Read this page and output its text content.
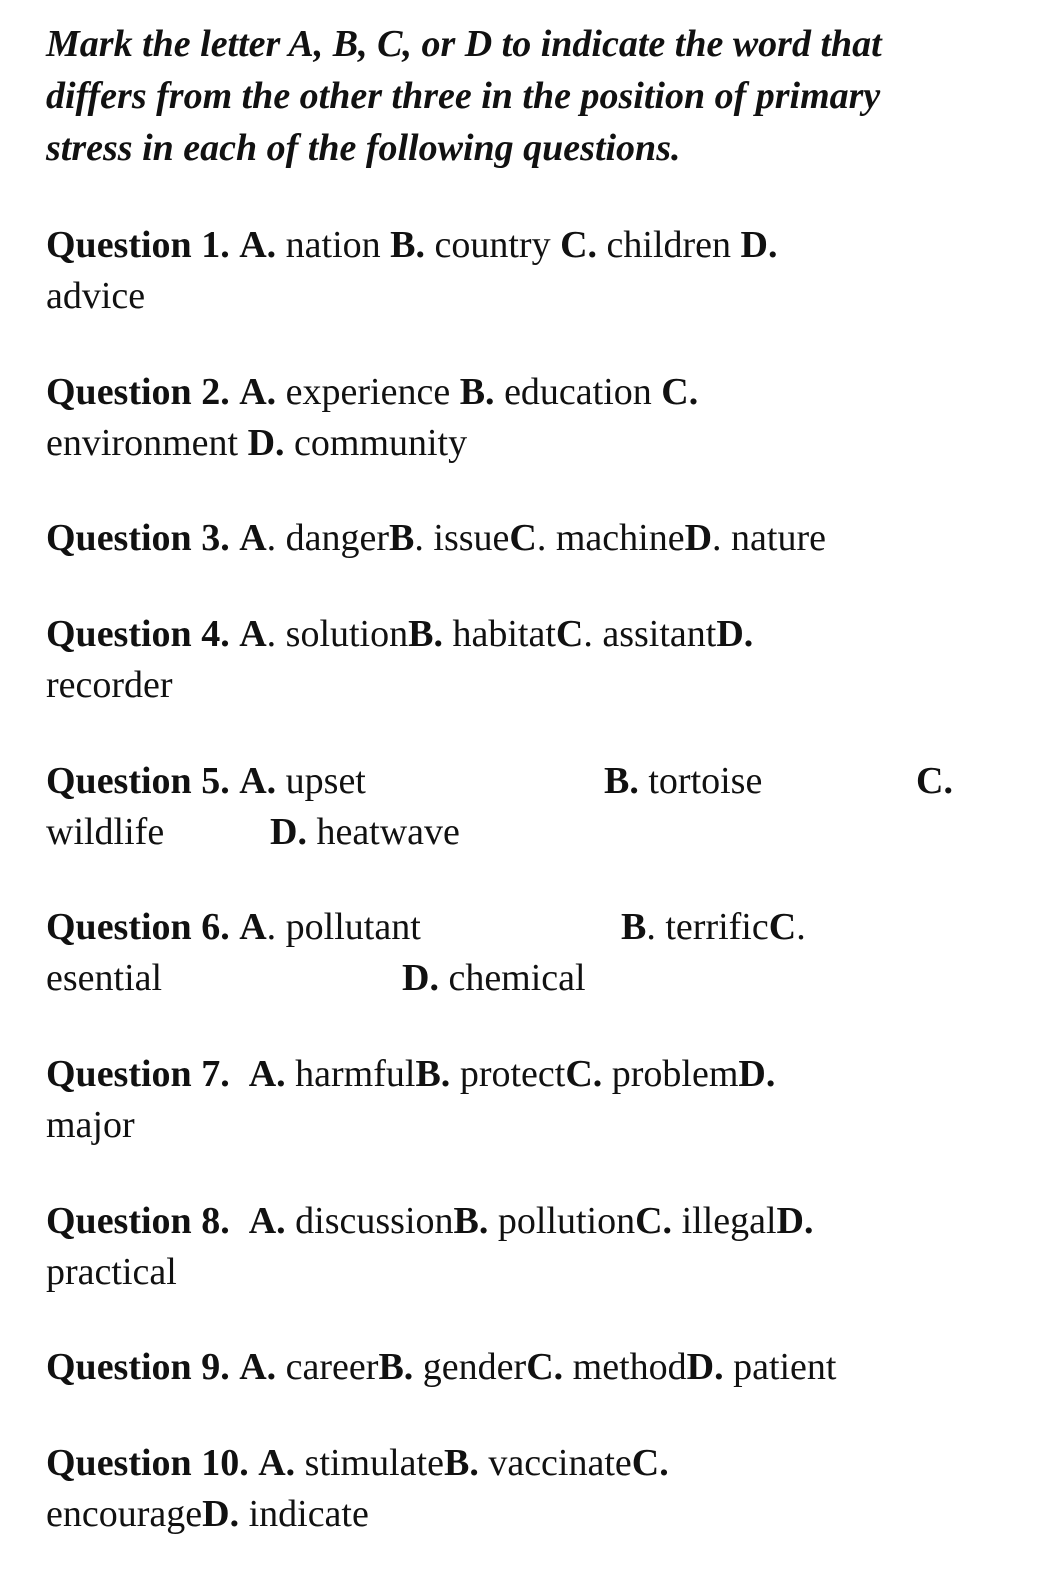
Mark the letter A, B, C, or D to indicate the word that differs from the other three in the position of primary stress in each of the following questions.

Question 1. A. nation B. country C. children D.
advice

Question 2. A. experience B. education C.
environment D. community

Question 3. A. dangerB. issueC. machineD. nature

Question 4. A. solutionB. habitatC. assitantD.
recorder

Question 5. A. upset	B. tortoise	C.

wildlife	D. heatwave

Question 6. A. pollutant	B. terrificC.

esential	D. chemical

Question 7. A. harmfulB. protectC. problemD.
major

Question 8. A. discussionB. pollutionC. illegalD.
practical

Question 9. A. careerB. genderC. methodD. patient

Question 10. A. stimulateB. vaccinateC.
encourageD. indicate
